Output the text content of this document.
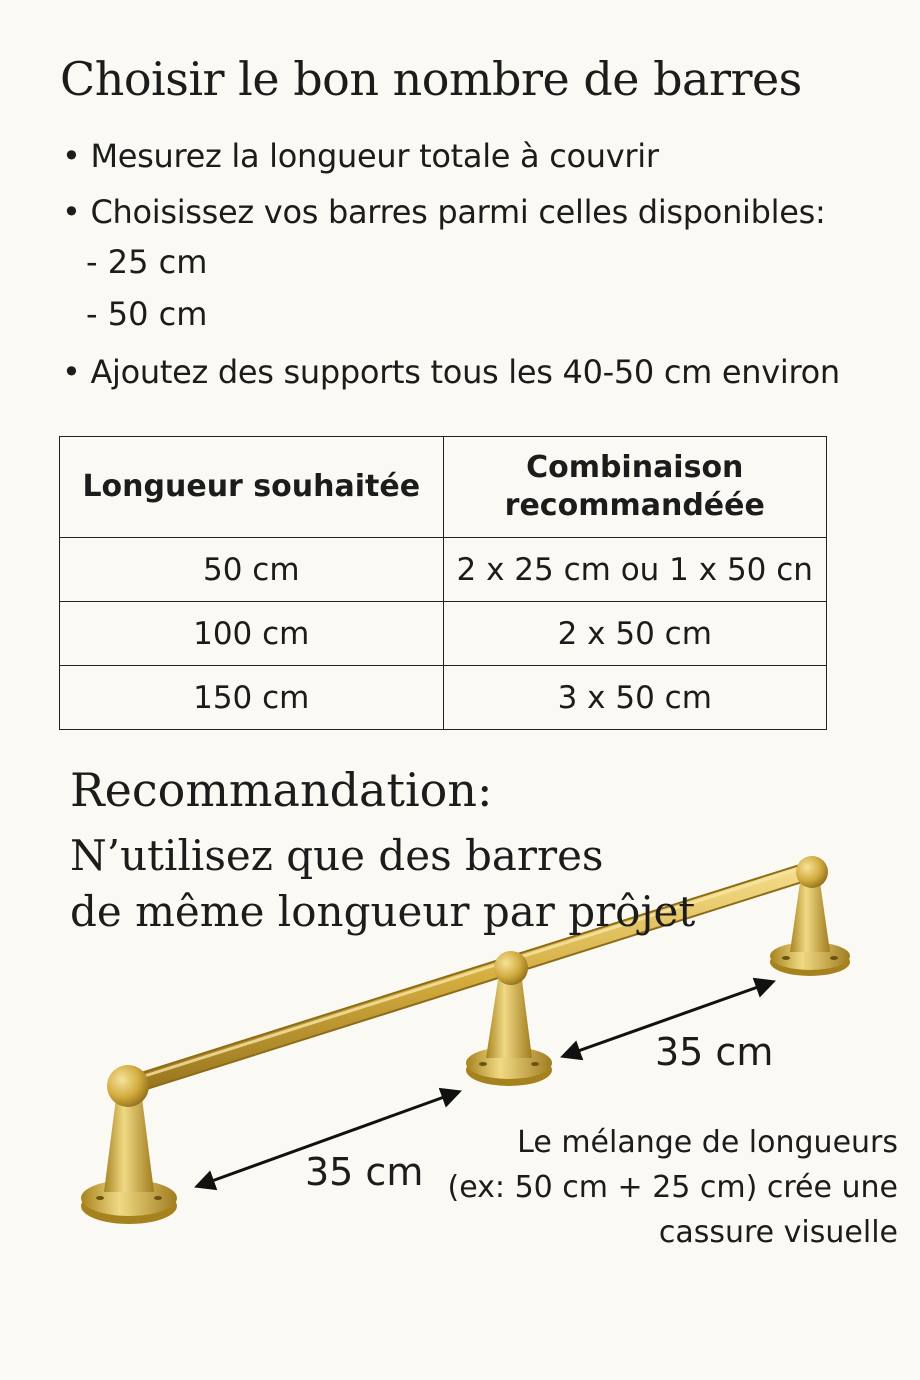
Choisir le bon nombre de barres
• Mesurez la longueur totale à couvrir
• Choisissez vos barres parmi celles disponibles:
- 25 cm
- 50 cm
• Ajoutez des supports tous les 40-50 cm environ
Longueur souhaitée	Combinaison recommandéée
50 cm	2 x 25 cm ou 1 x 50 cn
100 cm	2 x 50 cm
150 cm	3 x 50 cm
Recommandation:

N’utilisez que des barres
de même longueur par prôjet

35 cm
35 cm
Le mélange de longueurs
(ex: 50 cm + 25 cm) crée une
cassure visuelle
